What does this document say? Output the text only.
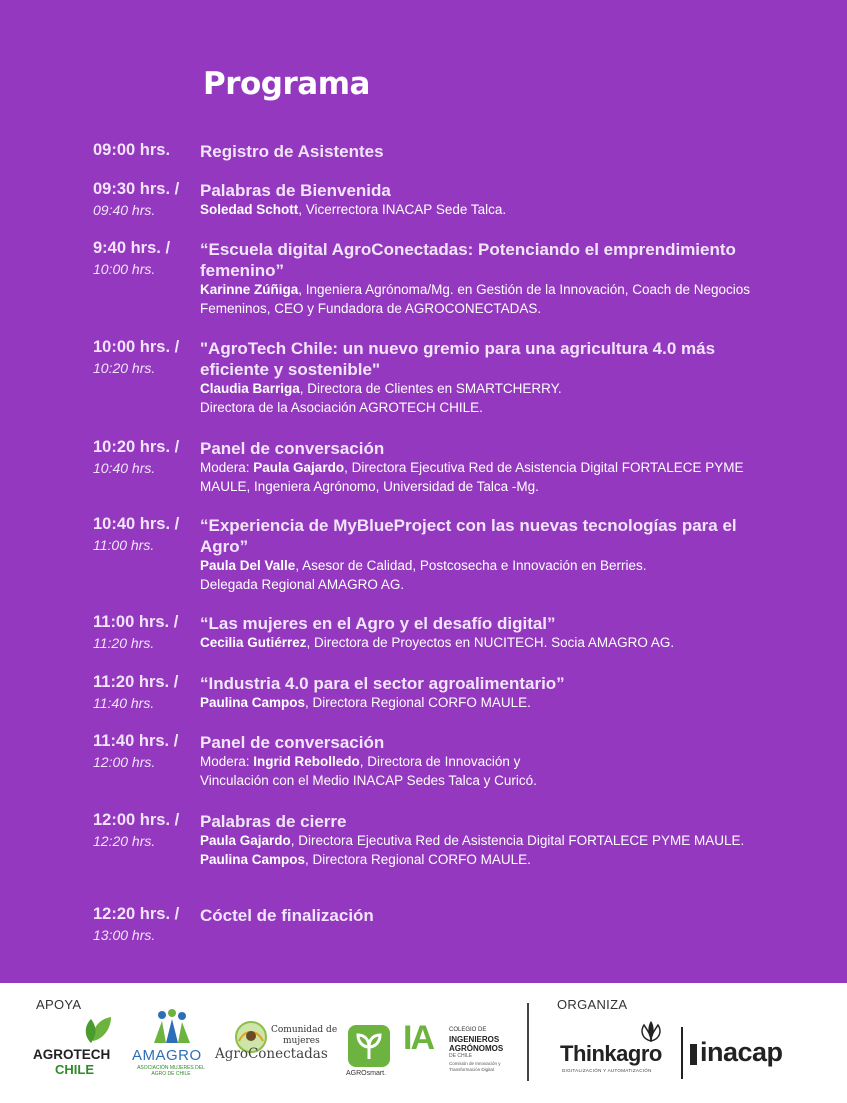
Programa
09:00 hrs. Registro de Asistentes
09:30 hrs. /
09:40 hrs.
Palabras de Bienvenida
Soledad Schott, Vicerrectora INACAP Sede Talca.
9:40 hrs. /
10:00 hrs.
“Escuela digital AgroConectadas: Potenciando el emprendimiento femenino”
Karinne Zúñiga, Ingeniera Agrónoma/Mg. en Gestión de la Innovación, Coach de Negocios Femeninos, CEO y Fundadora de AGROCONECTADAS.
10:00 hrs. /
10:20 hrs.
"AgroTech Chile: un nuevo gremio para una agricultura 4.0 más eficiente y sostenible"
Claudia Barriga, Directora de Clientes en SMARTCHERRY.
Directora de la Asociación AGROTECH CHILE.
10:20 hrs. /
10:40 hrs.
Panel de conversación
Modera: Paula Gajardo, Directora Ejecutiva Red de Asistencia Digital FORTALECE PYME MAULE, Ingeniera Agrónomo, Universidad de Talca -Mg.
10:40 hrs. /
11:00 hrs.
“Experiencia de MyBlueProject con las nuevas tecnologías para el Agro”
Paula Del Valle, Asesor de Calidad, Postcosecha e Innovación en Berries.
Delegada Regional AMAGRO AG.
11:00 hrs. /
11:20 hrs.
“Las mujeres en el Agro y el desafío digital”
Cecilia Gutiérrez, Directora de Proyectos en NUCITECH. Socia AMAGRO AG.
11:20 hrs. /
11:40 hrs.
“Industria 4.0 para el sector agroalimentario”
Paulina Campos, Directora Regional CORFO MAULE.
11:40 hrs. /
12:00 hrs.
Panel de conversación
Modera: Ingrid Rebolledo, Directora de Innovación y
Vinculación con el Medio INACAP Sedes Talca y Curicó.
12:00 hrs. /
12:20 hrs.
Palabras de cierre
Paula Gajardo, Directora Ejecutiva Red de Asistencia Digital FORTALECE PYME MAULE.
Paulina Campos, Directora Regional CORFO MAULE.
12:20 hrs. /
13:00 hrs.
Cóctel de finalización
APOYA	ORGANIZA
AGROTECH
CHILE
AMAGRO
ASOCIACIÓN MUJERES DEL AGRO DE CHILE
Comunidad de
mujeres
AgroConectadas
AGROsmart.
IA	COLEGIO DE
INGENIEROS
AGRÓNOMOS
DE CHILE
Comisión de Innovación y Transformación Digital
Thinkagro
DIGITALIZACIÓN Y AUTOMATIZACIÓN
inacap
